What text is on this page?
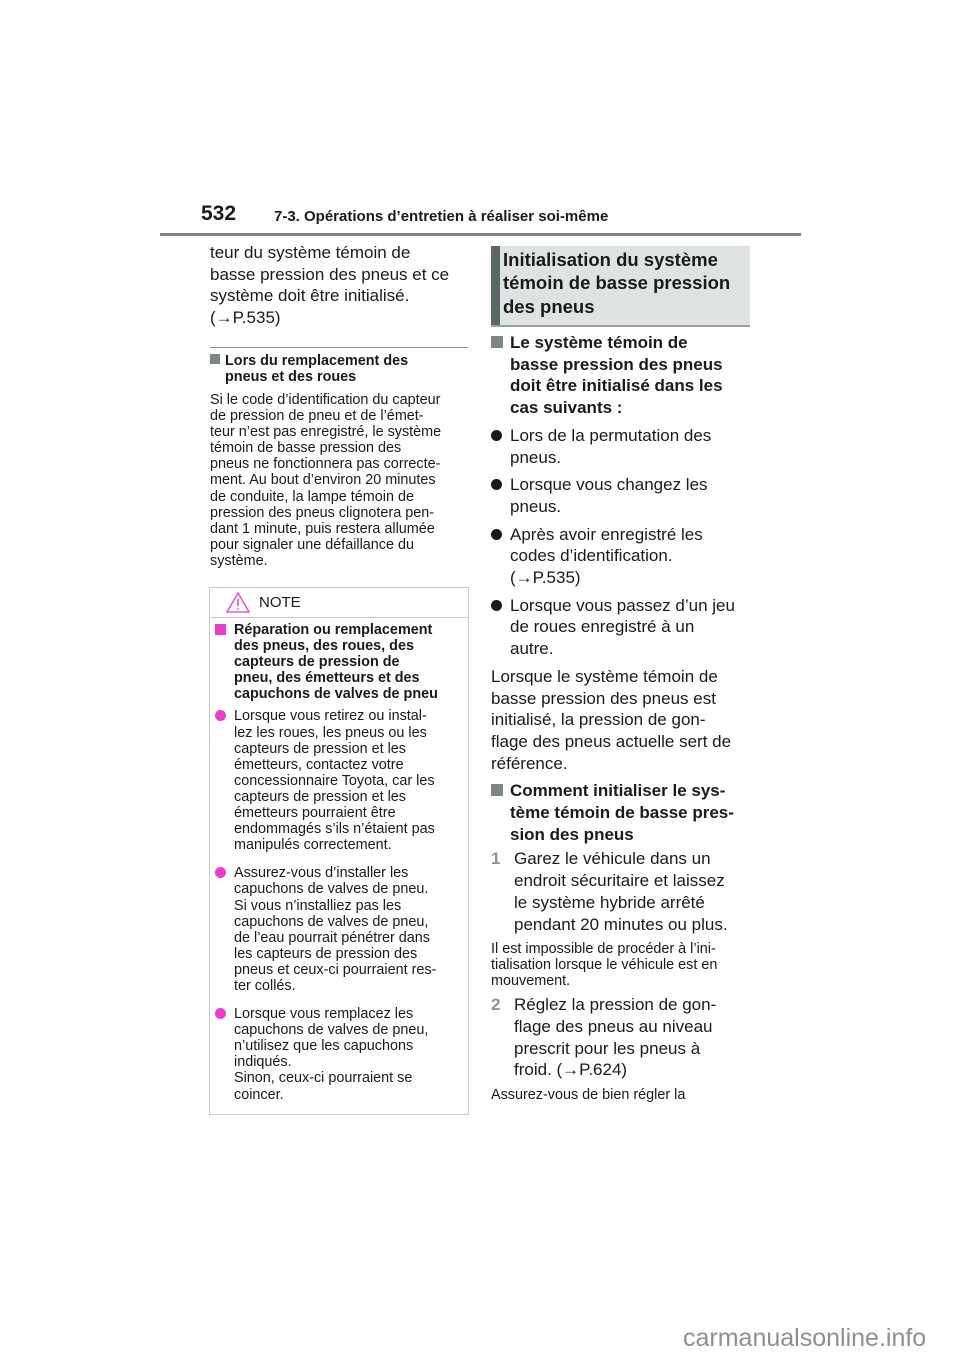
532	7-3. Opérations d’entretien à réaliser soi-même
teur du système témoin de
basse pression des pneus et ce
système doit être initialisé.
(→P.535)
Lors du remplacement des
pneus et des roues
Si le code d’identification du capteur
de pression de pneu et de l’émet-
teur n’est pas enregistré, le système
témoin de basse pression des
pneus ne fonctionnera pas correcte-
ment. Au bout d’environ 20 minutes
de conduite, la lampe témoin de
pression des pneus clignotera pen-
dant 1 minute, puis restera allumée
pour signaler une défaillance du
système.
NOTE
Réparation ou remplacement
des pneus, des roues, des
capteurs de pression de
pneu, des émetteurs et des
capuchons de valves de pneu
Lorsque vous retirez ou instal-
lez les roues, les pneus ou les
capteurs de pression et les
émetteurs, contactez votre
concessionnaire Toyota, car les
capteurs de pression et les
émetteurs pourraient être
endommagés s’ils n’étaient pas
manipulés correctement.
Assurez-vous d’installer les
capuchons de valves de pneu.
Si vous n’installiez pas les
capuchons de valves de pneu,
de l’eau pourrait pénétrer dans
les capteurs de pression des
pneus et ceux-ci pourraient res-
ter collés.
Lorsque vous remplacez les
capuchons de valves de pneu,
n’utilisez que les capuchons
indiqués.
Sinon, ceux-ci pourraient se
coincer.
Initialisation du système
témoin de basse pression
des pneus
Le système témoin de
basse pression des pneus
doit être initialisé dans les
cas suivants :
Lors de la permutation des
pneus.
Lorsque vous changez les
pneus.
Après avoir enregistré les
codes d’identification.
(→P.535)
Lorsque vous passez d’un jeu
de roues enregistré à un
autre.
Lorsque le système témoin de
basse pression des pneus est
initialisé, la pression de gon-
flage des pneus actuelle sert de
référence.
Comment initialiser le sys-
tème témoin de basse pres-
sion des pneus
1 Garez le véhicule dans un
endroit sécuritaire et laissez
le système hybride arrêté
pendant 20 minutes ou plus.
Il est impossible de procéder à l’ini-
tialisation lorsque le véhicule est en
mouvement.
2 Réglez la pression de gon-
flage des pneus au niveau
prescrit pour les pneus à
froid. (→P.624)
Assurez-vous de bien régler la
carmanualsonline.info
